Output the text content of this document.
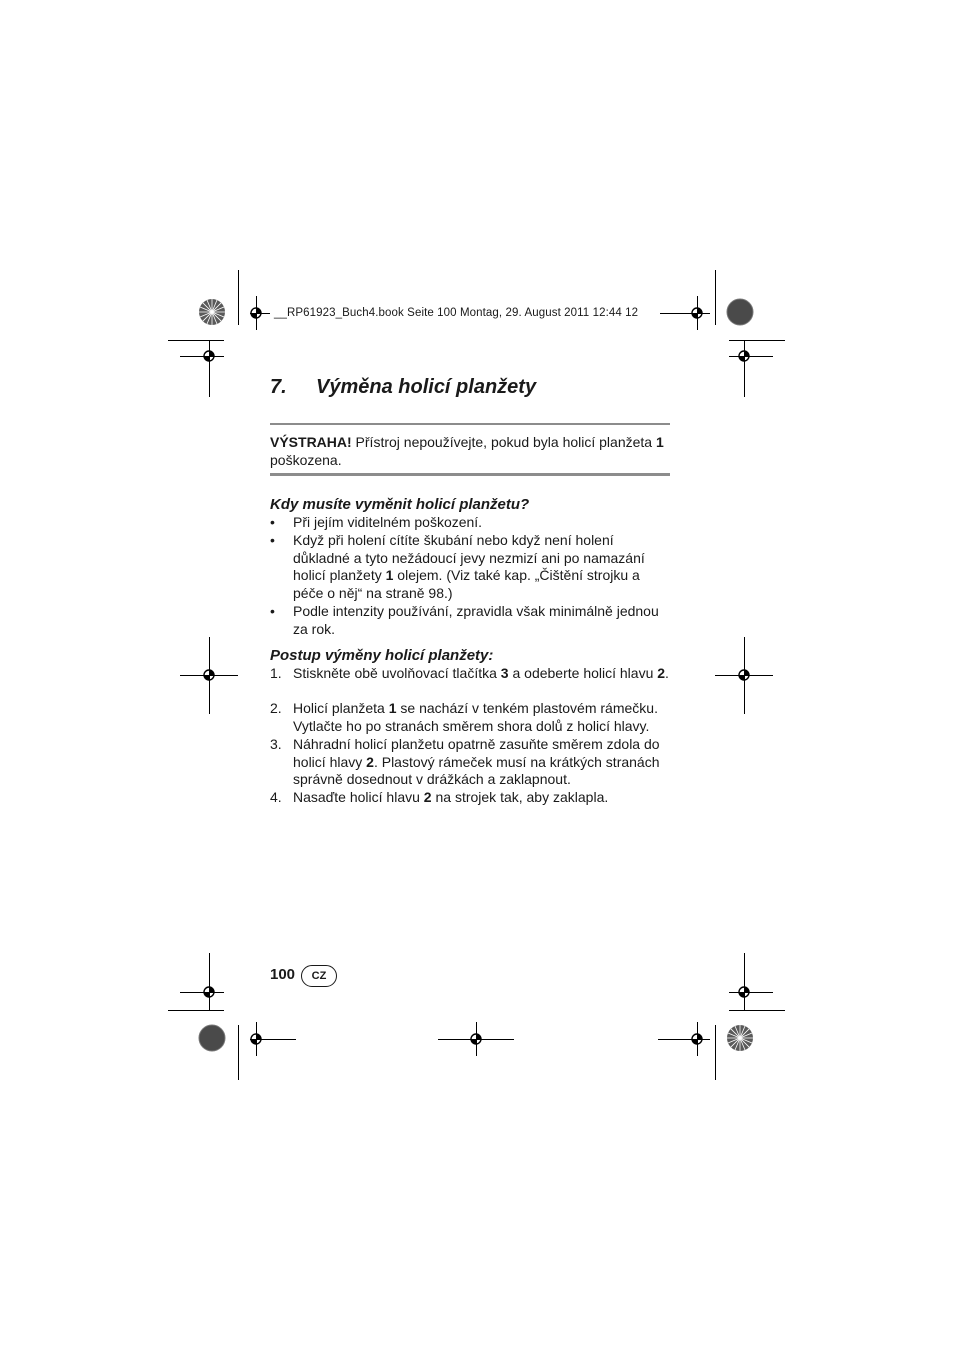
__RP61923_Buch4.book Seite 100 Montag, 29. August 2011 12:44 12
7. Výměna holicí planžety
VÝSTRAHA! Přístroj nepoužívejte, pokud byla holicí planžeta 1 poškozena.
Kdy musíte vyměnit holicí planžetu?
• Při jejím viditelném poškození.
• Když při holení cítíte škubání nebo když není holení důkladné a tyto nežádoucí jevy nezmizí ani po namazání holicí planžety 1 olejem. (Viz také kap. „Čištění strojku a péče o něj“ na straně 98.)
• Podle intenzity používání, zpravidla však minimálně jednou za rok.
Postup výměny holicí planžety:
1. Stiskněte obě uvolňovací tlačítka 3 a odeberte holicí hlavu 2.
2. Holicí planžeta 1 se nachází v tenkém plastovém rámečku. Vytlačte ho po stranách směrem shora dolů z holicí hlavy.
3. Náhradní holicí planžetu opatrně zasuňte směrem zdola do holicí hlavy 2. Plastový rámeček musí na krátkých stranách správně dosednout v drážkách a zaklapnout.
4. Nasaďte holicí hlavu 2 na strojek tak, aby zaklapla.
100	CZ
